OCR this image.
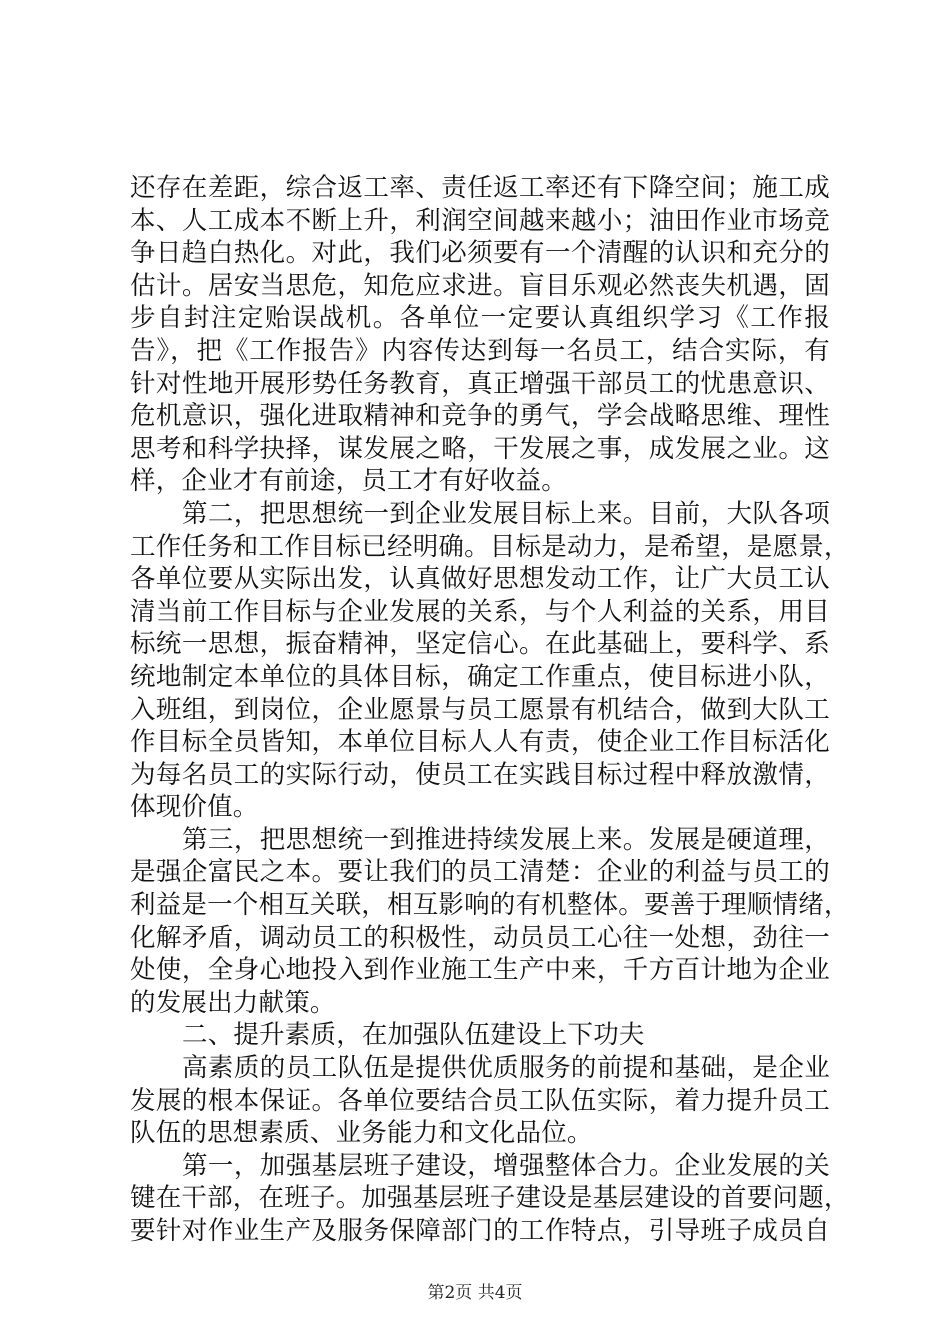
还存在差距，综合返工率、责任返工率还有下降空间；施工成
本、人工成本不断上升，利润空间越来越小；油田作业市场竞
争日趋白热化。对此，我们必须要有一个清醒的认识和充分的
估计。居安当思危，知危应求进。盲目乐观必然丧失机遇，固
步自封注定贻误战机。各单位一定要认真组织学习《工作报
告》，把《工作报告》内容传达到每一名员工，结合实际，有
针对性地开展形势任务教育，真正增强干部员工的忧患意识、
危机意识，强化进取精神和竞争的勇气，学会战略思维、理性
思考和科学抉择，谋发展之略，干发展之事，成发展之业。这
样，企业才有前途，员工才有好收益。
第二，把思想统一到企业发展目标上来。目前，大队各项
工作任务和工作目标已经明确。目标是动力，是希望，是愿景，
各单位要从实际出发，认真做好思想发动工作，让广大员工认
清当前工作目标与企业发展的关系，与个人利益的关系，用目
标统一思想，振奋精神，坚定信心。在此基础上，要科学、系
统地制定本单位的具体目标，确定工作重点，使目标进小队，
入班组，到岗位，企业愿景与员工愿景有机结合，做到大队工
作目标全员皆知，本单位目标人人有责，使企业工作目标活化
为每名员工的实际行动，使员工在实践目标过程中释放激情，
体现价值。
第三，把思想统一到推进持续发展上来。发展是硬道理，
是强企富民之本。要让我们的员工清楚：企业的利益与员工的
利益是一个相互关联，相互影响的有机整体。要善于理顺情绪，
化解矛盾，调动员工的积极性，动员员工心往一处想，劲往一
处使，全身心地投入到作业施工生产中来，千方百计地为企业
的发展出力献策。
二、提升素质，在加强队伍建设上下功夫
高素质的员工队伍是提供优质服务的前提和基础，是企业
发展的根本保证。各单位要结合员工队伍实际，着力提升员工
队伍的思想素质、业务能力和文化品位。
第一，加强基层班子建设，增强整体合力。企业发展的关
键在干部，在班子。加强基层班子建设是基层建设的首要问题，
要针对作业生产及服务保障部门的工作特点，引导班子成员自
第2页 共4页
